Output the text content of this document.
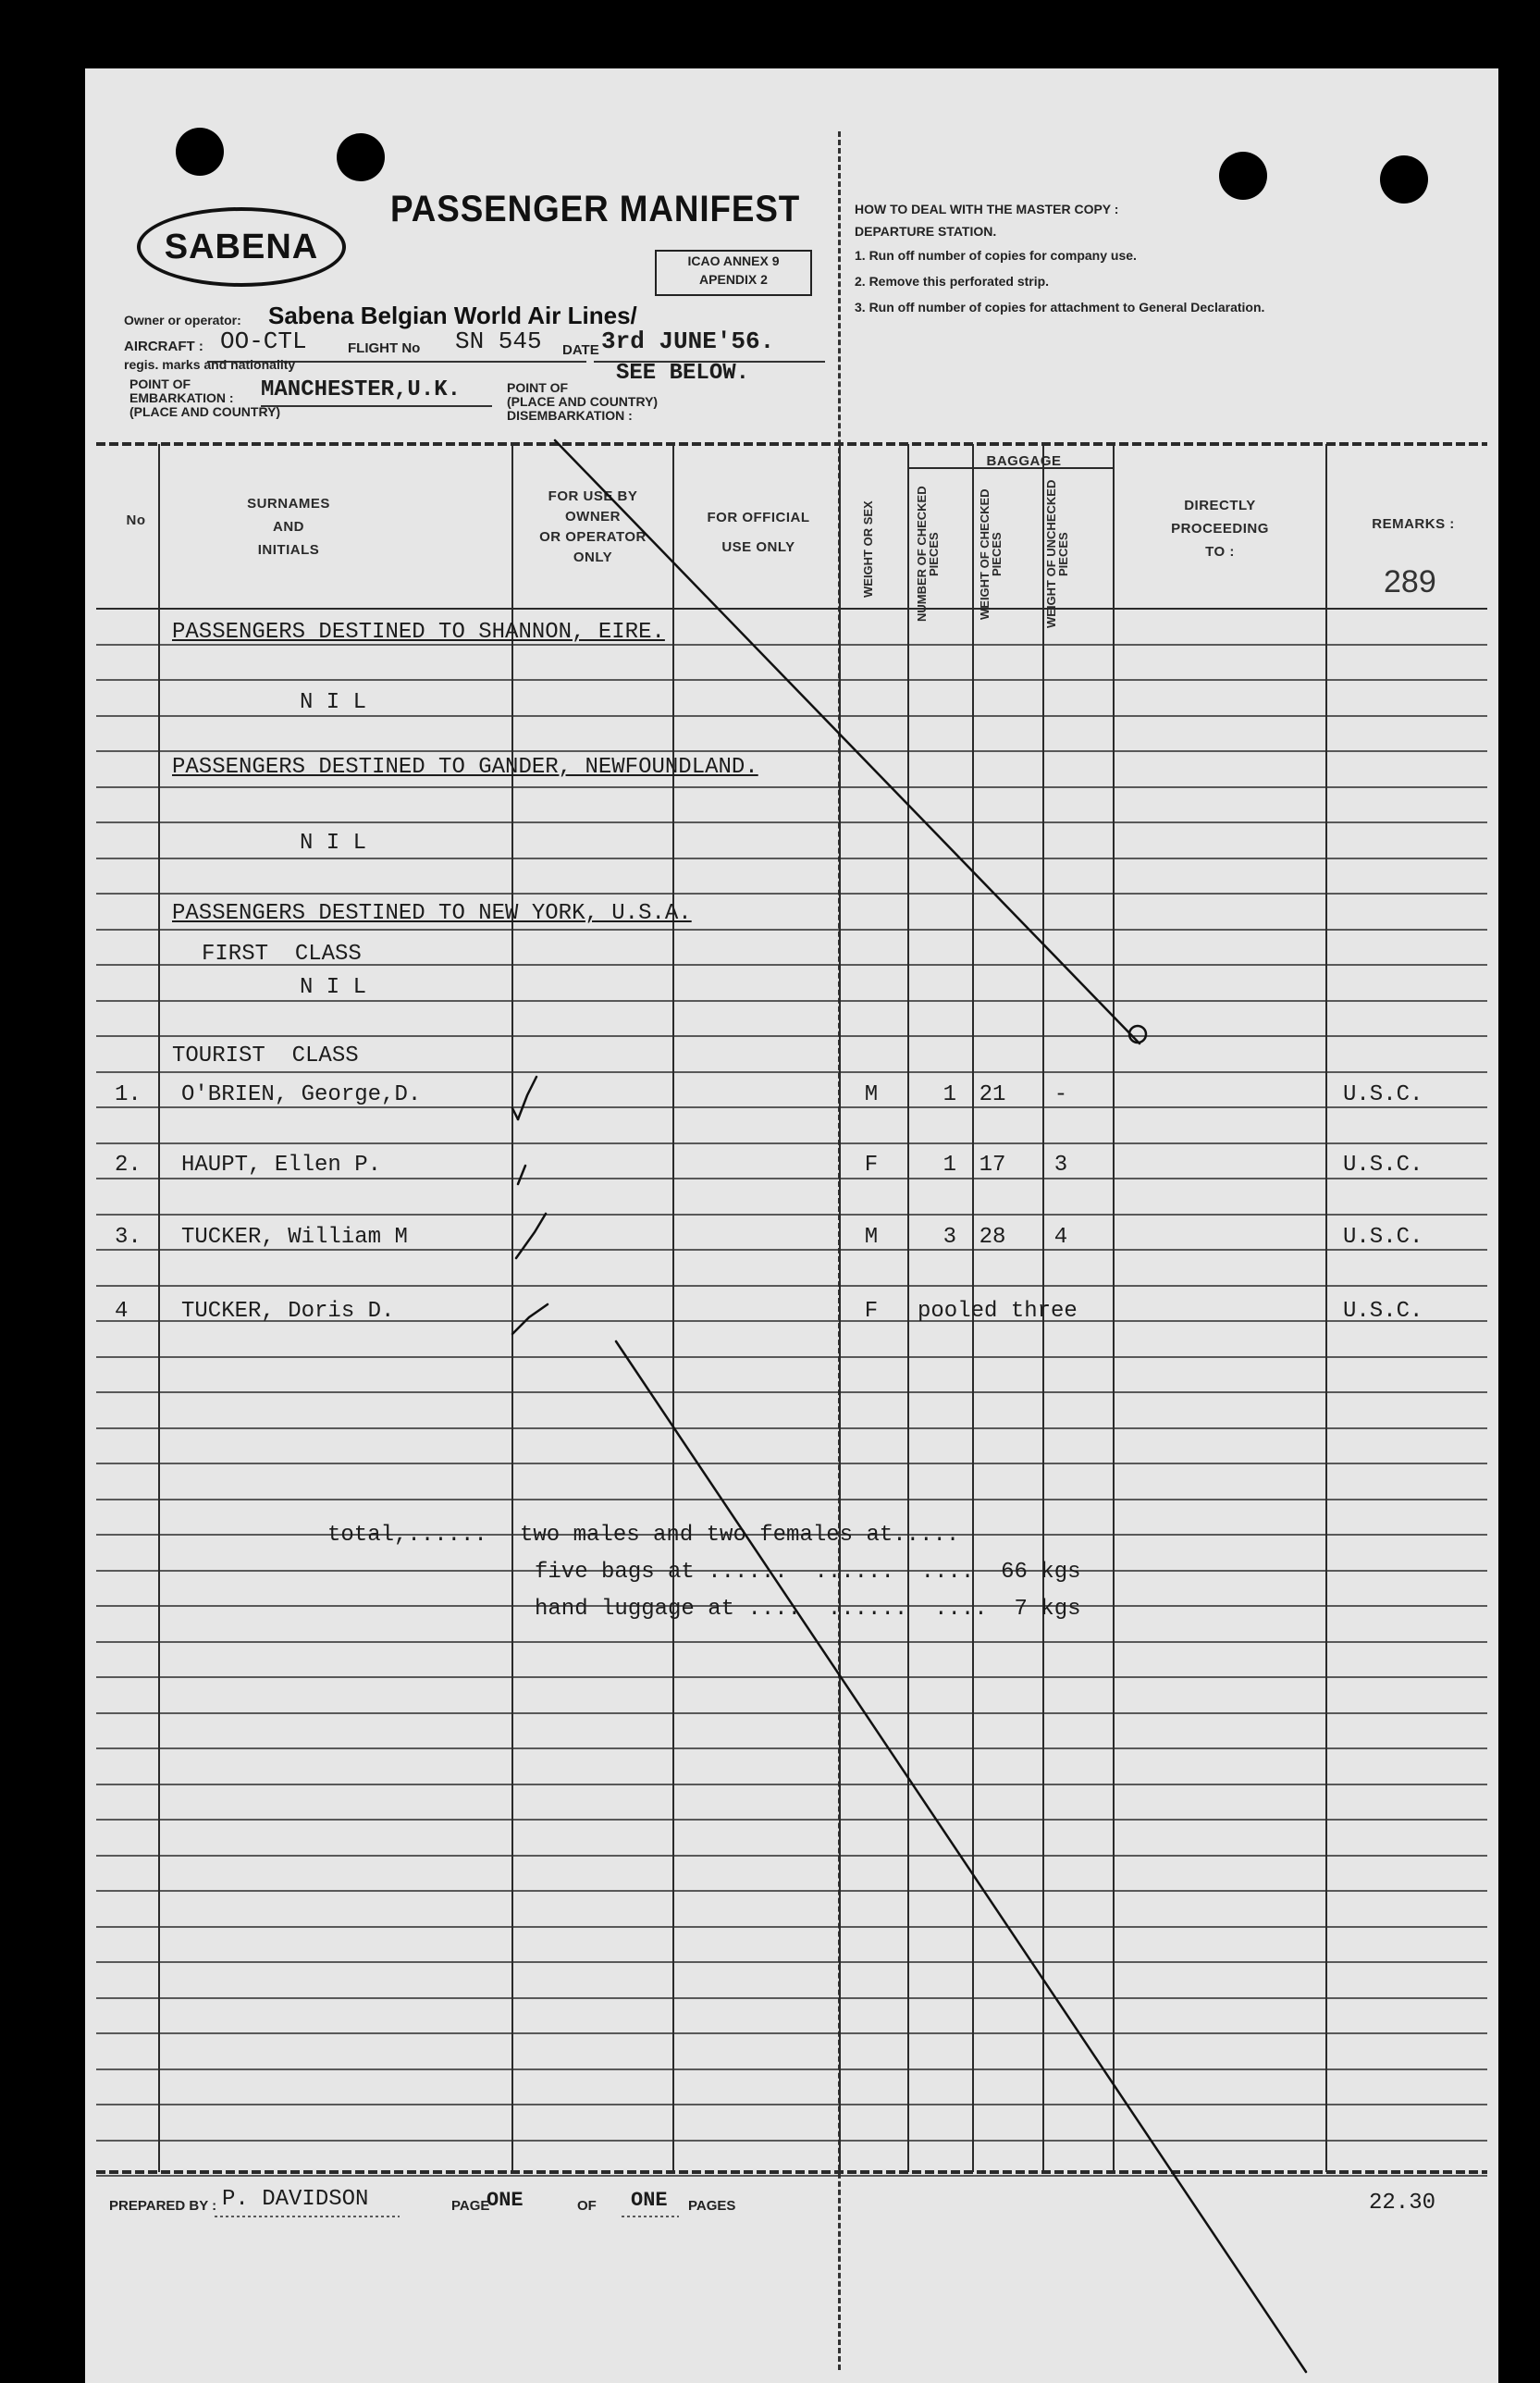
SABENA
PASSENGER MANIFEST
ICAO ANNEX 9
APENDIX 2
Owner or operator: Sabena Belgian World Air Lines/
AIRCRAFT : OO-CTL	FLIGHT No SN 545 DATE 3rd JUNE'56.
regis. marks and nationality
POINT OF
EMBARKATION :
(PLACE AND COUNTRY)
MANCHESTER,U.K.	POINT OF
(PLACE AND COUNTRY)
DISEMBARKATION :
SEE BELOW.
HOW TO DEAL WITH THE MASTER COPY :
DEPARTURE STATION.
1. Run off number of copies for company use.
2. Remove this perforated strip.
3. Run off number of copies for attachment to General Declaration.
No
SURNAMES
AND
INITIALS
FOR USE BY
OWNER
OR OPERATOR
ONLY
FOR OFFICIAL
USE ONLY	WEIGHT OR SEX
BAGGAGE
NUMBER OF CHECKED PIECES	WEIGHT OF CHECKED PIECES	WEIGHT OF UNCHECKED PIECES
DIRECTLY
PROCEEDING
TO :
REMARKS :
289
PASSENGERS DESTINED TO SHANNON, EIRE.
N I L
PASSENGERS DESTINED TO GANDER, NEWFOUNDLAND.
N I L
PASSENGERS DESTINED TO NEW YORK, U.S.A.
FIRST  CLASS
N I L
TOURIST  CLASS
1. O'BRIEN, George,D.	M	1	21	-	U.S.C.
2. HAUPT, Ellen P.	F	1	17	3	U.S.C.
3. TUCKER, William M	M	3	28	4	U.S.C.
4 TUCKER, Doris D.	F	pooled three	U.S.C.
total,...... two males and two females at.....
five bags at ......  ......  ....  66 kgs
hand luggage at ....  ......  ....  7 kgs
PREPARED BY : P. DAVIDSON	PAGE
ONE	OF ONE PAGES	22.30
